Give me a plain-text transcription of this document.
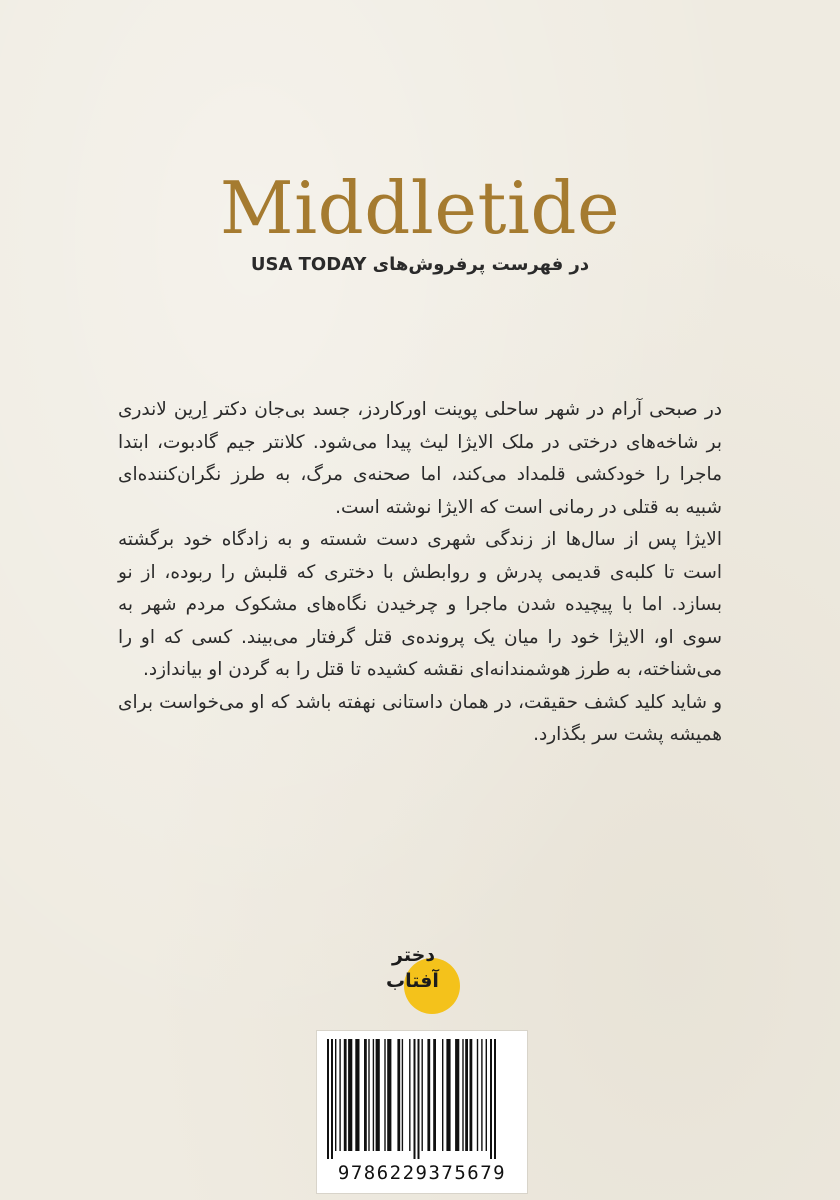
Middletide
در فهرست پرفروش‌های USA TODAY

در صبحی آرام در شهر ساحلی پوینت اورکاردز، جسد بی‌جان دکتر اِرین لاندری بر شاخه‌های درختی در ملک الایژا لیث پیدا می‌شود. کلانتر جیم گادبوت، ابتدا ماجرا را خودکشی قلمداد می‌کند، اما صحنه‌ی مرگ، به طرز نگران‌کننده‌ای شبیه به قتلی در رمانی است که الایژا نوشته است.

الایژا پس از سال‌ها از زندگی شهری دست شسته و به زادگاه خود برگشته است تا کلبه‌ی قدیمی پدرش و روابطش با دختری که قلبش را ربوده، از نو بسازد. اما با پیچیده شدن ماجرا و چرخیدن نگاه‌های مشکوک مردم شهر به سوی او، الایژا خود را میان یک پرونده‌ی قتل گرفتار می‌بیند. کسی که او را می‌شناخته، به طرز هوشمندانه‌ای نقشه کشیده تا قتل را به گردن او بیاندازد.

و شاید کلید کشف حقیقت، در همان داستانی نهفته باشد که او می‌خواست برای همیشه پشت سر بگذارد.

دختر
آفتاب
9786229375679
